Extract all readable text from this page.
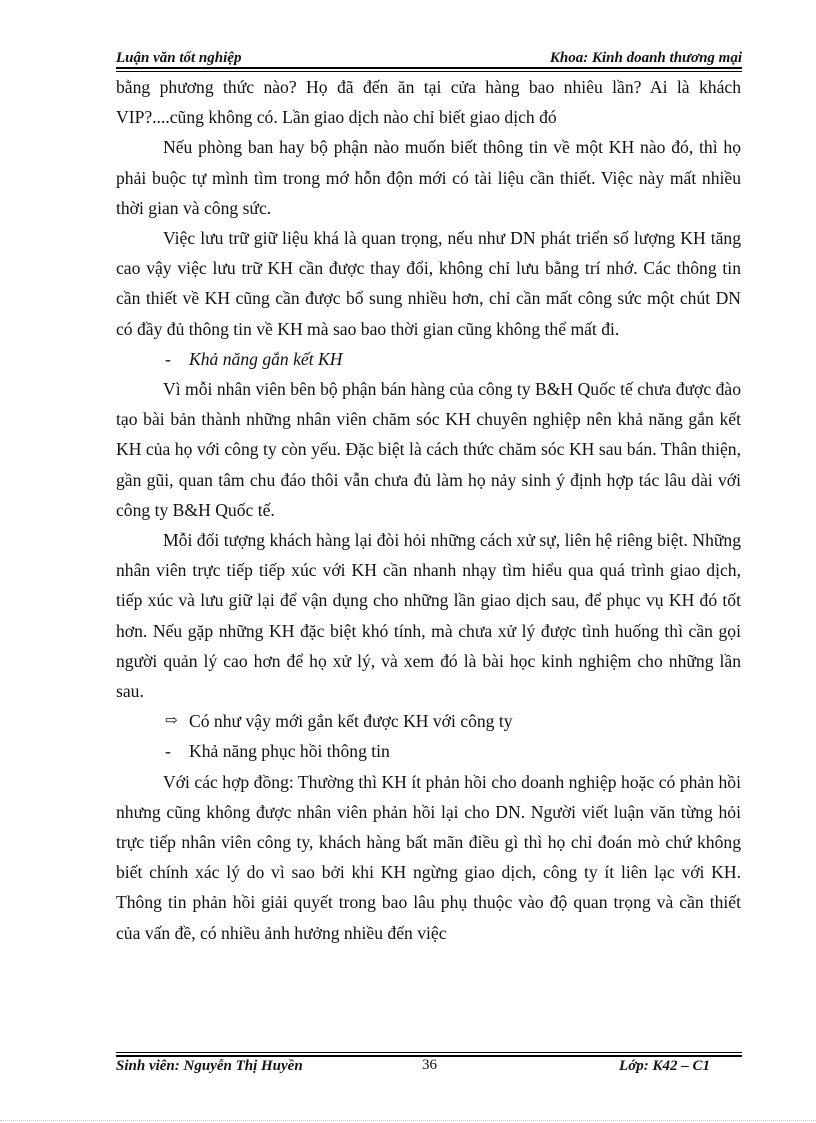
Luận văn tốt nghiệp	Khoa: Kinh doanh thương mại

bằng phương thức nào? Họ đã đến ăn tại cửa hàng bao nhiêu lần? Ai là khách VIP?....cũng không có. Lần giao dịch nào chỉ biết giao dịch đó

Nếu phòng ban hay bộ phận nào muốn biết thông tin về một KH nào đó, thì họ phải buộc tự mình tìm trong mớ hỗn độn mới có tài liệu cần thiết. Việc này mất nhiều thời gian và công sức.

Việc lưu trữ giữ liệu khá là quan trọng, nếu như DN phát triển số lượng KH tăng cao vậy việc lưu trữ KH cần được thay đổi, không chỉ lưu bằng trí nhớ. Các thông tin cần thiết về KH cũng cần được bổ sung nhiều hơn, chỉ cần mất công sức một chút DN có đầy đủ thông tin về KH mà sao bao thời gian cũng không thể mất đi.

-	Khả năng gắn kết KH

Vì mỗi nhân viên bên bộ phận bán hàng của công ty B&H Quốc tế chưa được đào tạo bài bản thành những nhân viên chăm sóc KH chuyên nghiệp nên khả năng gắn kết KH của họ với công ty còn yếu. Đặc biệt là cách thức chăm sóc KH sau bán. Thân thiện, gần gũi, quan tâm chu đáo thôi vẫn chưa đủ làm họ nảy sinh ý định hợp tác lâu dài với công ty B&H Quốc tế.

Mỗi đối tượng khách hàng lại đòi hỏi những cách xử sự, liên hệ riêng biệt. Những nhân viên trực tiếp tiếp xúc với KH cần nhanh nhạy tìm hiểu qua quá trình giao dịch, tiếp xúc và lưu giữ lại để vận dụng cho những lần giao dịch sau, để phục vụ KH đó tốt hơn. Nếu gặp những KH đặc biệt khó tính, mà chưa xử lý được tình huống thì cần gọi người quản lý cao hơn để họ xử lý, và xem đó là bài học kinh nghiệm cho những lần sau.

⇨ Có như vậy mới gắn kết được KH với công ty

-	Khả năng phục hồi thông tin

Với các hợp đồng: Thường thì KH ít phản hồi cho doanh nghiệp hoặc có phản hồi nhưng cũng không được nhân viên phản hồi lại cho DN. Người viết luận văn từng hỏi trực tiếp nhân viên công ty, khách hàng bất mãn điều gì thì họ chỉ đoán mò chứ không biết chính xác lý do vì sao bởi khi KH ngừng giao dịch, công ty ít liên lạc với KH. Thông tin phản hồi giải quyết trong bao lâu phụ thuộc vào độ quan trọng và cần thiết của vấn đề, có nhiều ảnh hưởng nhiều đến việc

Sinh viên: Nguyễn Thị Huyền	36	Lớp: K42 – C1
